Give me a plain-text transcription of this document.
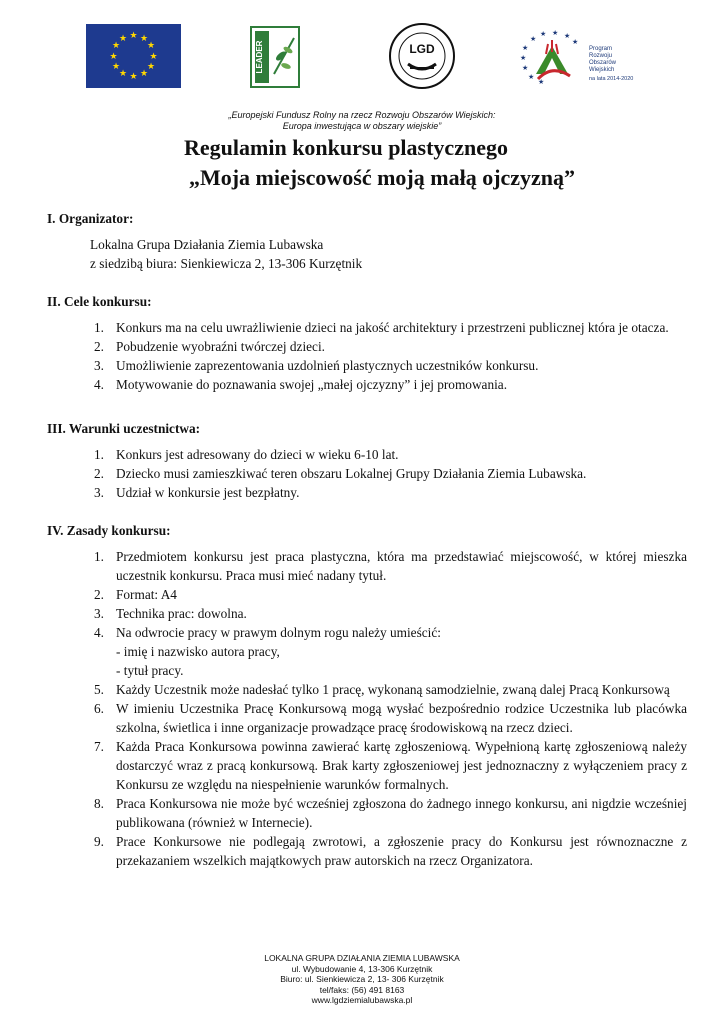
★ ★
★
★
★
★
★
★
★
★
★
★
LEADER	LGD	★
★
★
★
★
★
★ ★ ★
★
Program
Rozwoju
Obszarów
Wiejskich
na lata 2014-2020
„Europejski Fundusz Rolny na rzecz Rozwoju Obszarów Wiejskich:
Europa inwestująca w obszary wiejskie”
Regulamin konkursu plastycznego
„Moja miejscowość moją małą ojczyzną”

I. Organizator:

Lokalna Grupa Działania Ziemia Lubawska
z siedzibą biura: Sienkiewicza 2, 13-306 Kurzętnik

II. Cele konkursu:

1. Konkurs ma na celu uwrażliwienie dzieci na jakość architektury i przestrzeni publicznej która je otacza.
2. Pobudzenie wyobraźni twórczej dzieci.
3. Umożliwienie zaprezentowania uzdolnień plastycznych uczestników konkursu.
4. Motywowanie do poznawania swojej „małej ojczyzny” i jej promowania.

III. Warunki uczestnictwa:

1. Konkurs jest adresowany do dzieci w wieku 6-10 lat.
2. Dziecko musi zamieszkiwać teren obszaru Lokalnej Grupy Działania Ziemia Lubawska.
3. Udział w konkursie jest bezpłatny.

IV. Zasady konkursu:

1. Przedmiotem konkursu jest praca plastyczna, która ma przedstawiać miejscowość, w której mieszka uczestnik konkursu. Praca musi mieć nadany tytuł.
2. Format: A4
3. Technika prac: dowolna.
4. Na odwrocie pracy w prawym dolnym rogu należy umieścić:
- imię i nazwisko autora pracy,
- tytuł pracy.
5. Każdy Uczestnik może nadesłać tylko 1 pracę, wykonaną samodzielnie, zwaną dalej Pracą Konkursową
6. W imieniu Uczestnika Pracę Konkursową mogą wysłać bezpośrednio rodzice Uczestnika lub placówka szkolna, świetlica i inne organizacje prowadzące pracę środowiskową na rzecz dzieci.
7. Każda Praca Konkursowa powinna zawierać kartę zgłoszeniową. Wypełnioną kartę zgłoszeniową należy dostarczyć wraz z pracą konkursową. Brak karty zgłoszeniowej jest jednoznaczny z wyłączeniem pracy z Konkursu ze względu na niespełnienie warunków formalnych.
8. Praca Konkursowa nie może być wcześniej zgłoszona do żadnego innego konkursu, ani nigdzie wcześniej publikowana (również w Internecie).
9. Prace Konkursowe nie podlegają zwrotowi, a zgłoszenie pracy do Konkursu jest równoznaczne z przekazaniem wszelkich majątkowych praw autorskich na rzecz Organizatora.
LOKALNA GRUPA DZIAŁANIA ZIEMIA LUBAWSKA
ul. Wybudowanie 4, 13-306 Kurzętnik
Biuro: ul. Sienkiewicza 2, 13- 306 Kurzętnik
tel/faks: (56) 491 8163
www.lgdziemialubawska.pl
